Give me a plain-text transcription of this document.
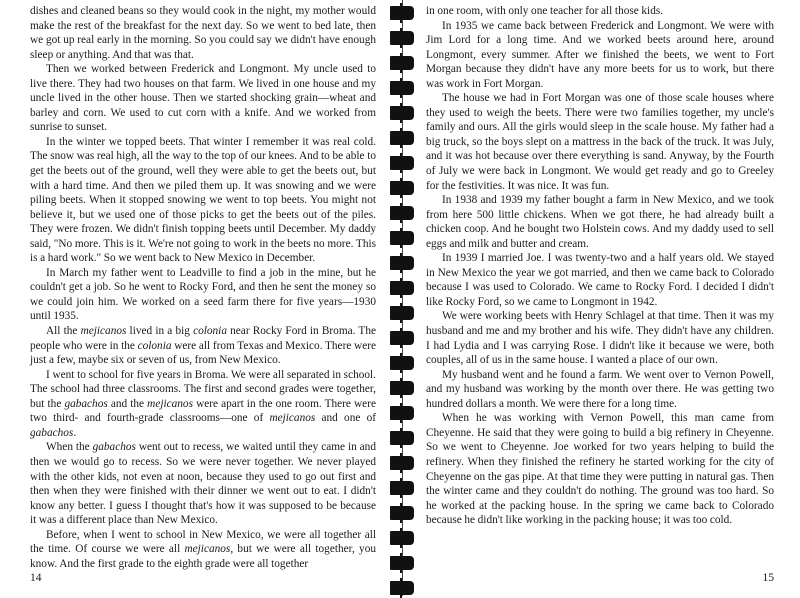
dishes and cleaned beans so they would cook in the night, my mother would make the rest of the breakfast for the next day. So we went to bed late, then we got up real early in the morning. So you could say we didn't have enough sleep or anything. And that was that.

Then we worked between Frederick and Longmont. My uncle used to live there. They had two houses on that farm. We lived in one house and my uncle lived in the other house. Then we started shocking grain—wheat and barley and corn. We used to cut corn with a knife. And we worked from sunrise to sunset.

In the winter we topped beets. That winter I remember it was real cold. The snow was real high, all the way to the top of our knees. And to be able to get the beets out of the ground, well they were able to get the beets out, but with a hard time. And then we piled them up. It was snowing and we were piling beets. When it stopped snowing we went to top beets. You might not believe it, but we used one of those picks to get the beets out of the piles. They were frozen. We didn't finish topping beets until December. My daddy said, "No more. This is it. We're not going to work in the beets no more. This is a hard work." So we went back to New Mexico in December.

In March my father went to Leadville to find a job in the mine, but he couldn't get a job. So he went to Rocky Ford, and then he sent the money so we could join him. We worked on a seed farm there for five years—1930 until 1935.

All the mejicanos lived in a big colonia near Rocky Ford in Broma. The people who were in the colonia were all from Texas and Mexico. There were just a few, maybe six or seven of us, from New Mexico.

I went to school for five years in Broma. We were all separated in school. The school had three classrooms. The first and second grades were together, but the gabachos and the mejicanos were apart in the one room. There were two third- and fourth-grade classrooms—one of mejicanos and one of gabachos.

When the gabachos went out to recess, we waited until they came in and then we would go to recess. So we were never together. We never played with the other kids, not even at noon, because they used to go out first and then when they were finished with their dinner we went out to eat. I didn't know any better. I guess I thought that's how it was supposed to be because it was a different place than New Mexico.

Before, when I went to school in New Mexico, we were all together all the time. Of course we were all mejicanos, but we were all together, you know. And the first grade to the eighth grade were all together

14

in one room, with only one teacher for all those kids.

In 1935 we came back between Frederick and Longmont. We were with Jim Lord for a long time. And we worked beets around here, around Longmont, every summer. After we finished the beets, we went to Fort Morgan because they didn't have any more beets for us to work, but there was work in Fort Morgan.

The house we had in Fort Morgan was one of those scale houses where they used to weigh the beets. There were two families together, my uncle's family and ours. All the girls would sleep in the scale house. My father had a big truck, so the boys slept on a mattress in the back of the truck. It was July, and it was hot because over there everything is sand. Anyway, by the Fourth of July we were back in Longmont. We would get ready and go to Greeley for the festivities. It was nice. It was fun.

In 1938 and 1939 my father bought a farm in New Mexico, and we took from here 500 little chickens. When we got there, he had already built a chicken coop. And he bought two Holstein cows. And my daddy used to sell eggs and milk and butter and cream.

In 1939 I married Joe. I was twenty-two and a half years old. We stayed in New Mexico the year we got married, and then we came back to Colorado because I was used to Colorado. We came to Rocky Ford. I decided I didn't like Rocky Ford, so we came to Longmont in 1942.

We were working beets with Henry Schlagel at that time. Then it was my husband and me and my brother and his wife. They didn't have any children. I had Lydia and I was carrying Rose. I didn't like it because we were, both couples, all of us in the same house. I wanted a place of our own.

My husband went and he found a farm. We went over to Vernon Powell, and my husband was working by the month over there. He was getting two hundred dollars a month. We were there for a long time.

When he was working with Vernon Powell, this man came from Cheyenne. He said that they were going to build a big refinery in Cheyenne. So we went to Cheyenne. Joe worked for two years helping to build the refinery. When they finished the refinery he started working for the city of Cheyenne on the gas pipe. At that time they were putting in natural gas. Then the winter came and they couldn't do nothing. The ground was too hard. So he worked at the packing house. In the spring we came back to Colorado because he didn't like working in the packing house; it was too cold.

15
